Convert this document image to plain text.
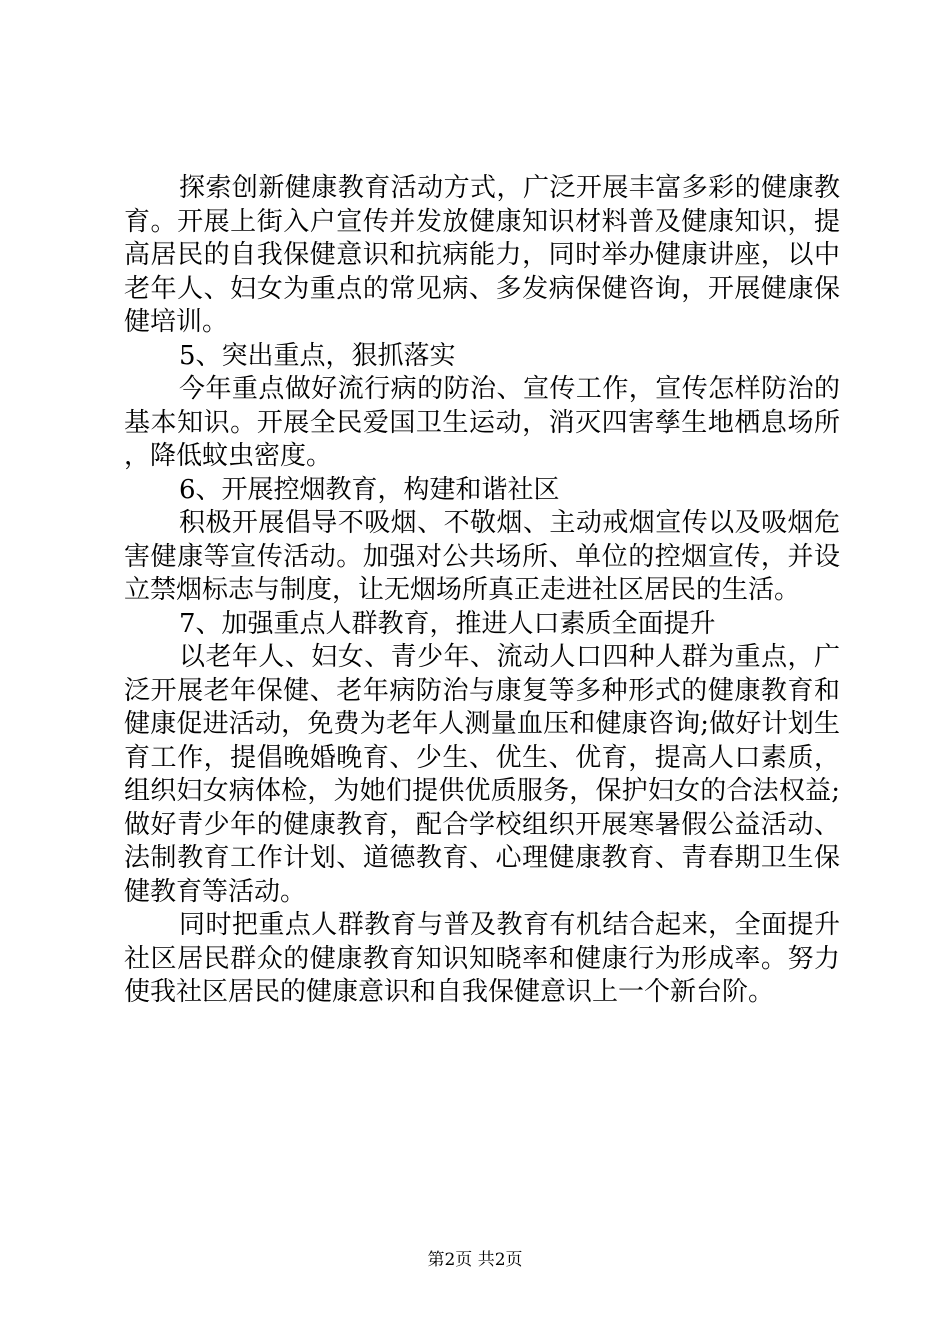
探索创新健康教育活动方式，广泛开展丰富多彩的健康教育。开展上街入户宣传并发放健康知识材料普及健康知识，提高居民的自我保健意识和抗病能力，同时举办健康讲座，以中老年人、妇女为重点的常见病、多发病保健咨询，开展健康保健培训。

5、突出重点，狠抓落实

今年重点做好流行病的防治、宣传工作，宣传怎样防治的基本知识。开展全民爱国卫生运动，消灭四害孳生地栖息场所，降低蚊虫密度。

6、开展控烟教育，构建和谐社区

积极开展倡导不吸烟、不敬烟、主动戒烟宣传以及吸烟危害健康等宣传活动。加强对公共场所、单位的控烟宣传，并设立禁烟标志与制度，让无烟场所真正走进社区居民的生活。

7、加强重点人群教育，推进人口素质全面提升

以老年人、妇女、青少年、流动人口四种人群为重点，广泛开展老年保健、老年病防治与康复等多种形式的健康教育和健康促进活动，免费为老年人测量血压和健康咨询;做好计划生育工作，提倡晚婚晚育、少生、优生、优育，提高人口素质，组织妇女病体检，为她们提供优质服务，保护妇女的合法权益;做好青少年的健康教育，配合学校组织开展寒暑假公益活动、法制教育工作计划、道德教育、心理健康教育、青春期卫生保健教育等活动。

同时把重点人群教育与普及教育有机结合起来，全面提升社区居民群众的健康教育知识知晓率和健康行为形成率。努力使我社区居民的健康意识和自我保健意识上一个新台阶。

第2页 共2页
